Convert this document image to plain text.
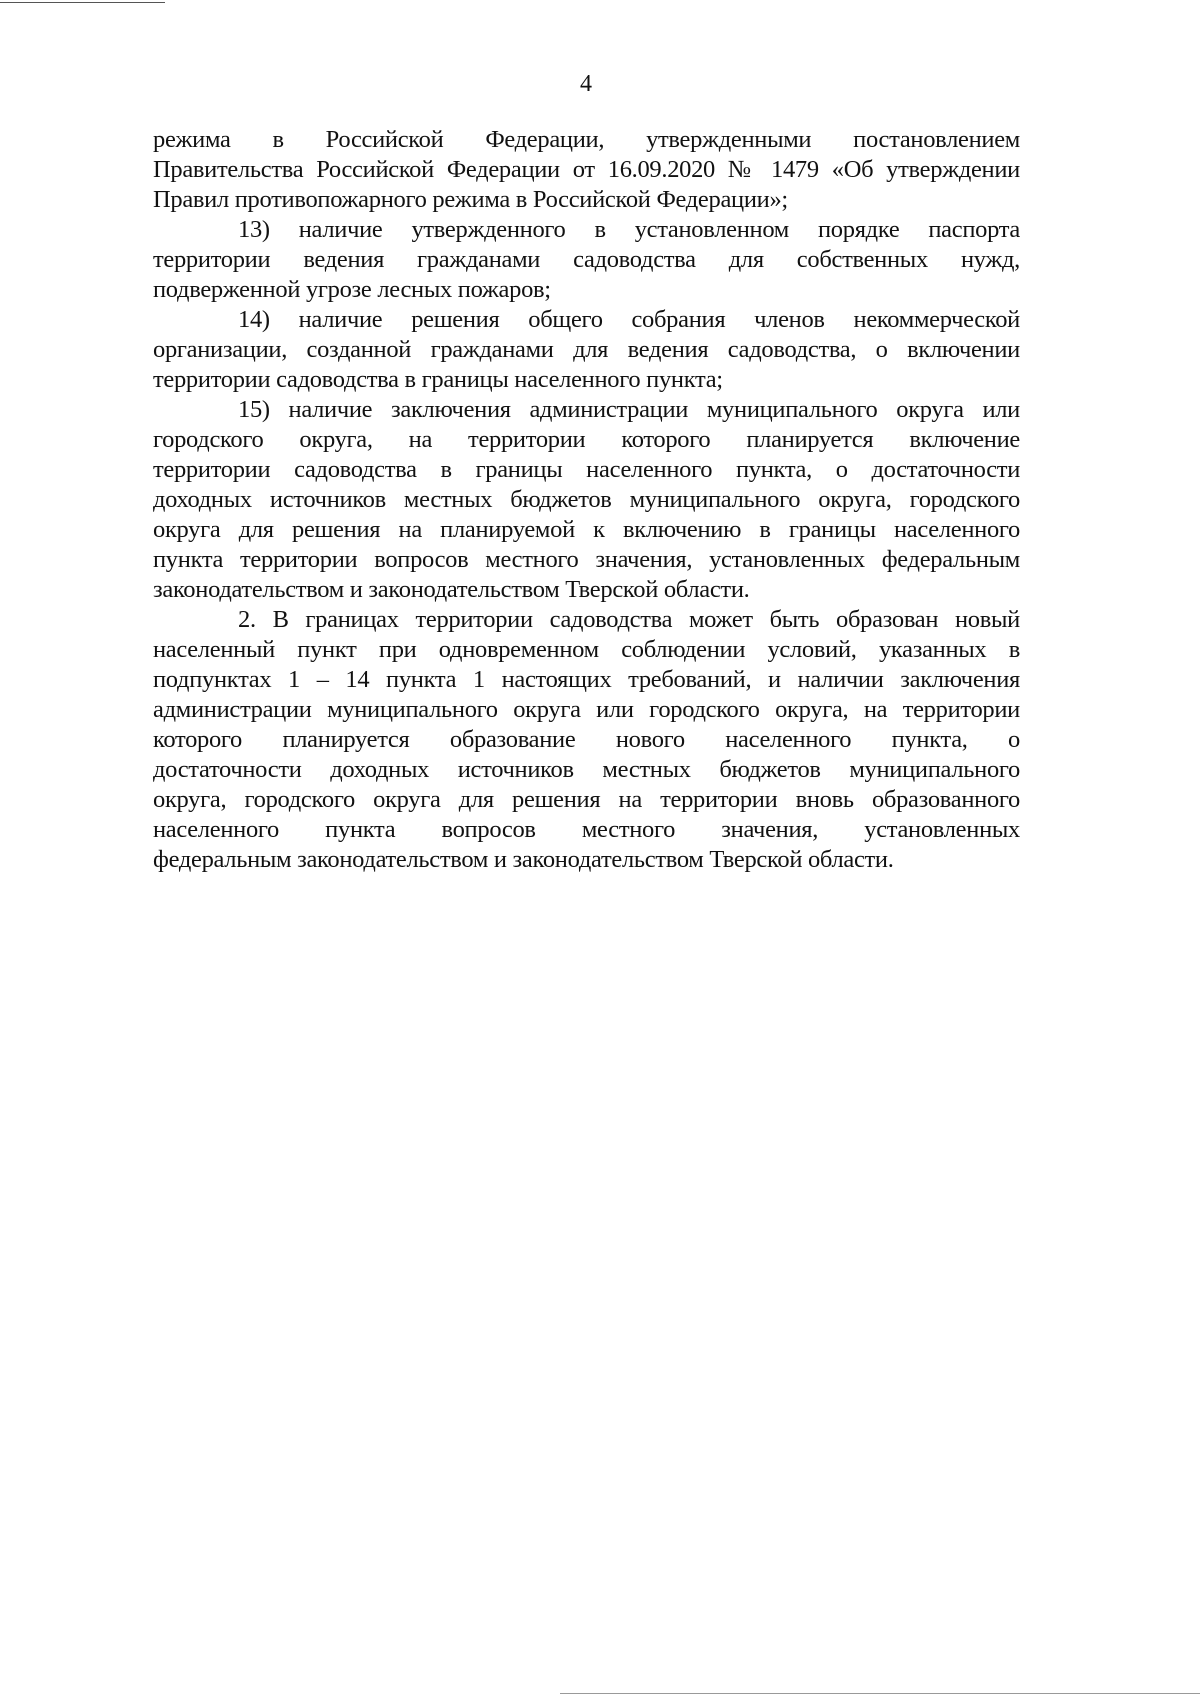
4
режима в Российской Федерации, утвержденными постановлением
Правительства Российской Федерации от 16.09.2020 № 1479 «Об утверждении
Правил противопожарного режима в Российской Федерации»;
13) наличие утвержденного в установленном порядке паспорта
территории ведения гражданами садоводства для собственных нужд,
подверженной угрозе лесных пожаров;
14) наличие решения общего собрания членов некоммерческой
организации, созданной гражданами для ведения садоводства, о включении
территории садоводства в границы населенного пункта;
15) наличие заключения администрации муниципального округа или
городского округа, на территории которого планируется включение
территории садоводства в границы населенного пункта, о достаточности
доходных источников местных бюджетов муниципального округа, городского
округа для решения на планируемой к включению в границы населенного
пункта территории вопросов местного значения, установленных федеральным
законодательством и законодательством Тверской области.
2. В границах территории садоводства может быть образован новый
населенный пункт при одновременном соблюдении условий, указанных в
подпунктах 1 – 14 пункта 1 настоящих требований, и наличии заключения
администрации муниципального округа или городского округа, на территории
которого планируется образование нового населенного пункта, о
достаточности доходных источников местных бюджетов муниципального
округа, городского округа для решения на территории вновь образованного
населенного пункта вопросов местного значения, установленных
федеральным законодательством и законодательством Тверской области.
